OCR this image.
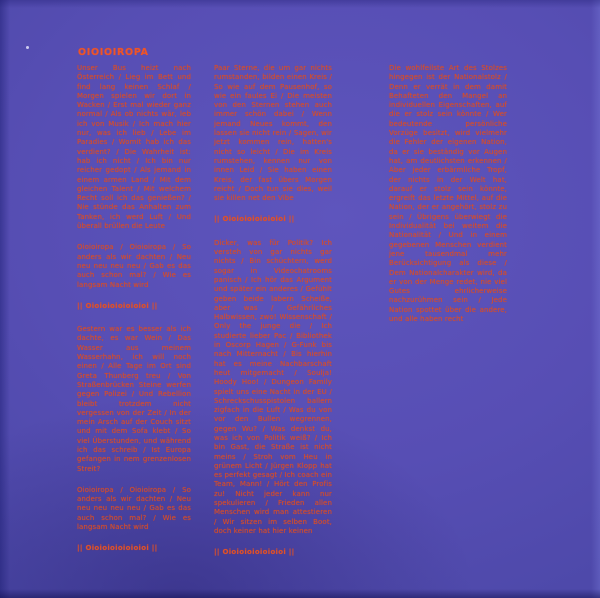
OIOIOIROPA

Unser Bus heizt nach Österreich / Lieg im Bett und find lang keinen Schlaf / Morgen spielen wir dort in Wacken / Erst mal wieder ganz normal / Als ob nichts wär, leb ich von Musik / Ich mach hier nur, was ich lieb / Lebe im Paradies / Womit hab ich das verdient? / Die Wahrheit ist: hab ich nicht / Ich bin nur reicher gedopt / Als jemand in einem armen Land / Mit dem gleichen Talent / Mit welchem Recht soll ich das genießen? / Nie stünde das Anhalten zum Tanken, ich werd Luft / Und überall brüllen die Leute

Oioioiropa / Oioioiropa / So anders als wir dachten / Neu neu neu neu neu / Gab es das auch schon mal? / Wie es langsam Nacht wird

|| Oioioioioioioioi ||

Gestern war es besser als ich dachte, es war Wein / Das Wasser aus meinem Wasserhahn, ich will noch einen / Alle Tage im Ort sind Greta Thunberg treu / Von Straßenbrücken Steine werfen gegen Polizei / Und Rebellion bleibt trotzdem nicht vergessen von der Zeit / In der mein Arsch auf der Couch sitzt und mit dem Sofa klebt / So viel Überstunden, und während ich das schreib / Ist Europa gefangen in nem grenzenlosen Streit?

Oioioiropa / Oioioiropa / So anders als wir dachten / Neu neu neu neu neu / Gab es das auch schon mal? / Wie es langsam Nacht wird

|| Oioioioioioioioi ||

Paar Sterne, die um gar nichts rumstanden, bilden einen Kreis / So wie auf dem Pausenhof, so wie ein faules Ei / Die meisten von den Sternen stehen auch immer schön dabei / Wenn jemand Neues kommt, den lassen sie nicht rein / Sagen, wir jetzt kommen rein, hatten's nicht so leicht / Die im Kreis rumstehen, kennen nur von innen Leid / Sie haben einen Kreis, der fast übers Morgen reicht / Doch tun sie dies, weil sie killen net den Vibe

|| Oioioioioioioioi ||

Dicker, was für Politik? Ich versteh von gar nichts gar nichts / Bin schüchtern, werd sogar in Videochatrooms panisch / Ich hör das Argument und später ein anderes / Gefühlt geben beide labern Scheiße, aber was / Gefährliches Halbwissen, zwo! Wissenschaft / Only the junge die / Ich studierte lieber Pac / Bibliothek in Oscorp Hagen / G-Funk bis nach Mitternacht / Bis hierhin hat es meine Nachbarschaft heut mitgemacht / Soulja! Hoody Hoo! / Dungeon Family spielt uns eine Nacht in der EU / Schreckschusspistolen ballern zigfach in die Luft / Was du von vor den Bullen wegrennen, gegen Wu? / Was denkst du, was ich von Politik weiß? / Ich bin Gast, die Straße ist nicht meins / Stroh vom Heu in grünem Licht / Jürgen Klopp hat es perfekt gesagt / Ich coach ein Team, Mann! / Hört den Profis zu! Nicht jeder kann nur spekulieren / Frieden allen Menschen wird man attestieren / Wir sitzen im selben Boot, doch keiner hat hier keinen

|| Oioioioioioioioi ||

Die wohlfeilste Art des Stolzes hingegen ist der Nationalstolz / Denn er verrät in dem damit Behafteten den Mangel an individuellen Eigenschaften, auf die er stolz sein könnte / Wer bedeutende persönliche Vorzüge besitzt, wird vielmehr die Fehler der eigenen Nation, da er sie beständig vor Augen hat, am deutlichsten erkennen / Aber jeder erbärmliche Tropf, der nichts in der Welt hat, darauf er stolz sein könnte, ergreift das letzte Mittel, auf die Nation, der er angehört, stolz zu sein / Übrigens überwiegt die Individualität bei weitem die Nationalität / Und in einem gegebenen Menschen verdient jene tausendmal mehr Berücksichtigung als diese / Dem Nationalcharakter wird, da er von der Menge redet, nie viel Gutes ehrlicherweise nachzurühmen sein / Jede Nation spottet über die andere, und alle haben recht
